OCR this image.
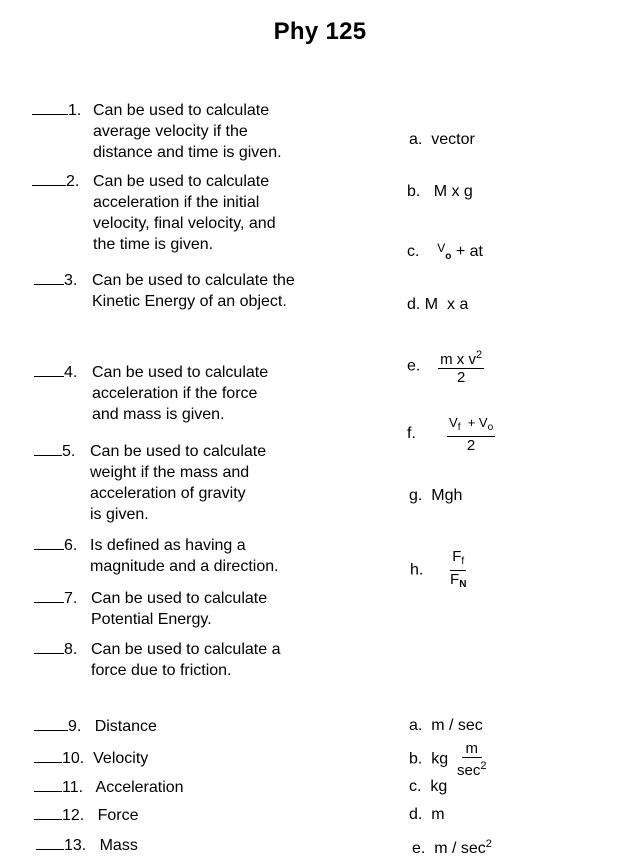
Phy 125
1. Can be used to calculate
average velocity if the
distance and time is given.
2. Can be used to calculate
acceleration if the initial
velocity, final velocity, and
the time is given.
3. Can be used to calculate the
Kinetic Energy of an object.
4. Can be used to calculate
acceleration if the force
and mass is given.
5. Can be used to calculate
weight if the mass and
acceleration of gravity
is given.
6. Is defined as having a
magnitude and a direction.
7. Can be used to calculate
Potential Energy.
8. Can be used to calculate a
force due to friction.
a. vector
b. M x g
c. $^V_o$ + at
d. M  x a
e. $\frac{m x v^2}{2}$
f. $\frac{V_f + V_o}{2}$
g. Mgh
h. $\frac{F_f}{F_N}$
9. Distance
10. Velocity
11. Acceleration
12. Force
13. Mass
a. m / sec
b. kg $\frac{m}{\sec^2}$
c. kg
d. m
e. m / $\sec^2$
